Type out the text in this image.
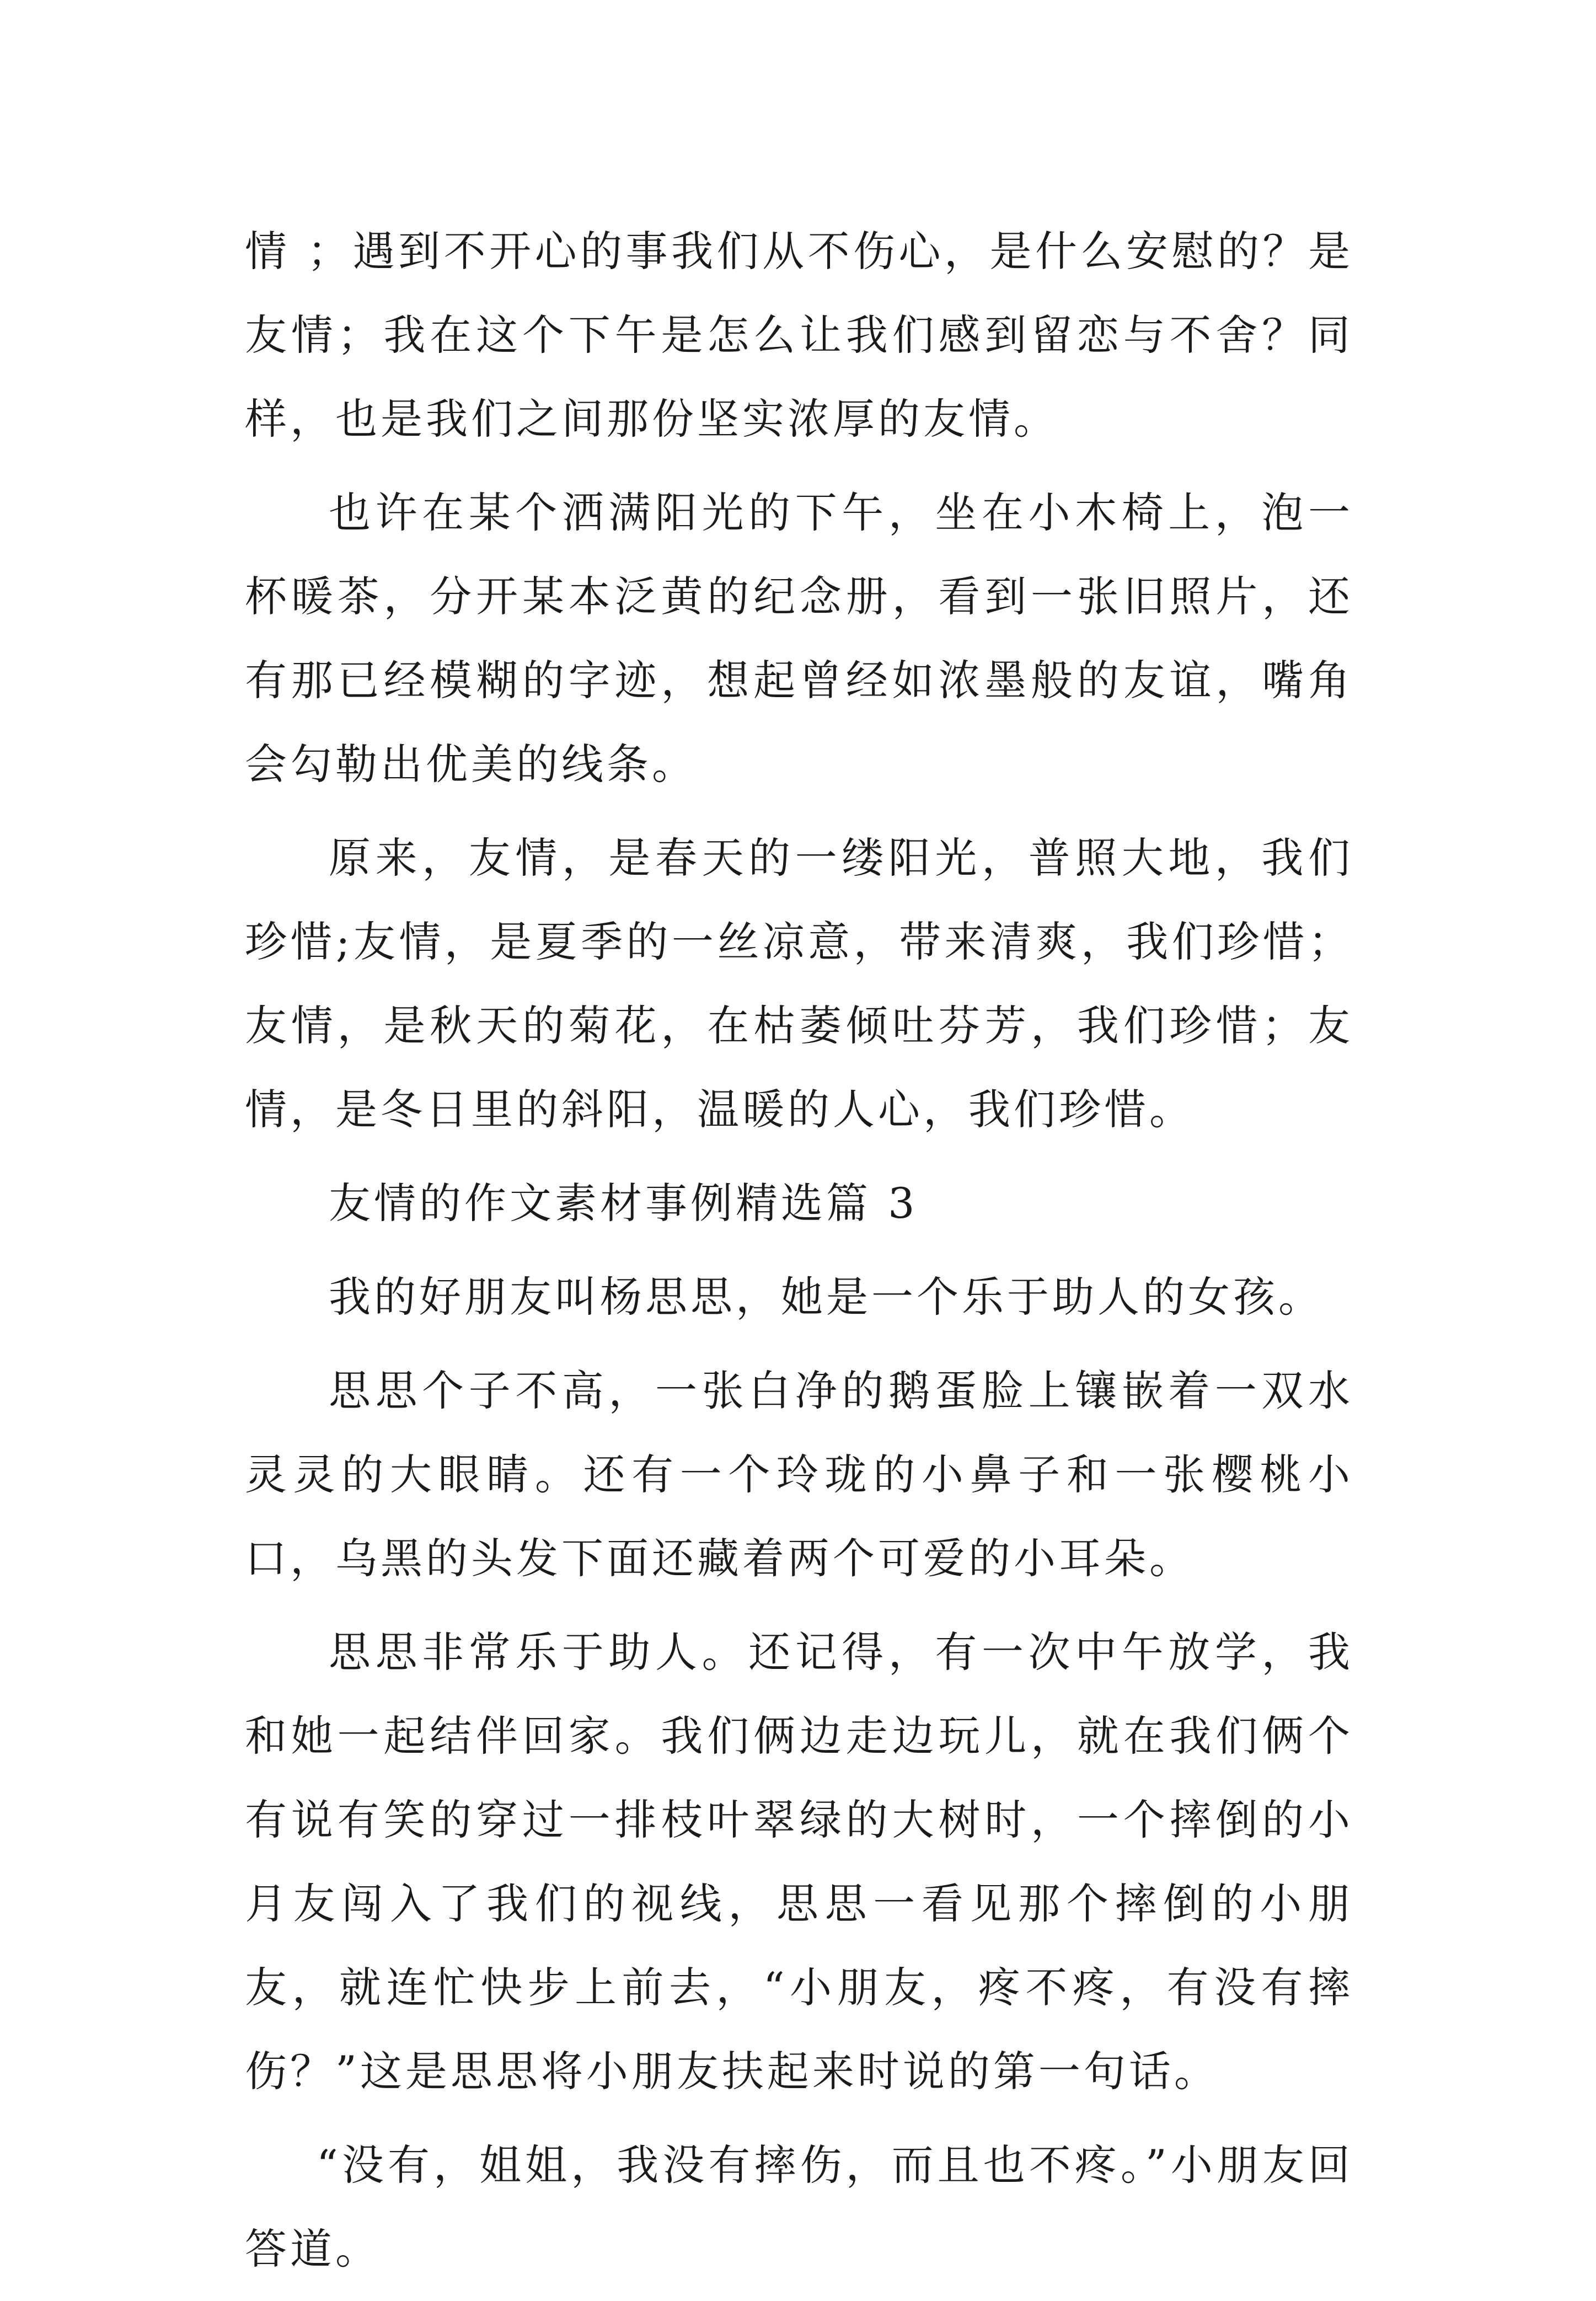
情 ；遇到不开心的事我们从不伤心，是什么安慰的？是友情；我在这个下午是怎么让我们感到留恋与不舍？同样，也是我们之间那份坚实浓厚的友情。

也许在某个洒满阳光的下午，坐在小木椅上，泡一杯暖茶，分开某本泛黄的纪念册，看到一张旧照片，还有那已经模糊的字迹，想起曾经如浓墨般的友谊，嘴角会勾勒出优美的线条。

原来，友情，是春天的一缕阳光，普照大地，我们珍惜;友情，是夏季的一丝凉意，带来清爽，我们珍惜；友情，是秋天的菊花，在枯萎倾吐芬芳，我们珍惜；友情，是冬日里的斜阳，温暖的人心，我们珍惜。

友情的作文素材事例精选篇 3

我的好朋友叫杨思思，她是一个乐于助人的女孩。

思思个子不高，一张白净的鹅蛋脸上镶嵌着一双水灵灵的大眼睛。还有一个玲珑的小鼻子和一张樱桃小口，乌黑的头发下面还藏着两个可爱的小耳朵。

思思非常乐于助人。还记得，有一次中午放学，我和她一起结伴回家。我们俩边走边玩儿，就在我们俩个有说有笑的穿过一排枝叶翠绿的大树时，一个摔倒的小月友闯入了我们的视线，思思一看见那个摔倒的小朋友，就连忙快步上前去，“小朋友，疼不疼，有没有摔伤？”这是思思将小朋友扶起来时说的第一句话。

“没有，姐姐，我没有摔伤，而且也不疼。”小朋友回答道。
